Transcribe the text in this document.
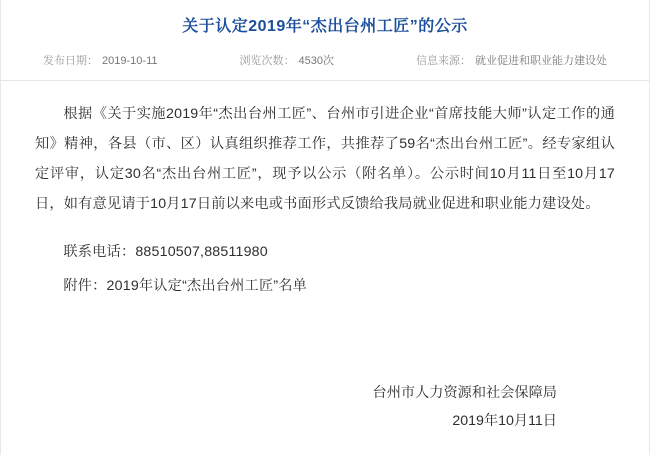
关于认定2019年“杰出台州工匠”的公示
发布日期： 2019-10-11	浏览次数： 4530次	信息来源： 就业促进和职业能力建设处

根据《关于实施2019年“杰出台州工匠”、台州市引进企业“首席技能大师”认定工作的通知》精神，各县（市、区）认真组织推荐工作，共推荐了59名“杰出台州工匠”。经专家组认定评审，认定30名“杰出台州工匠”，现予以公示（附名单）。公示时间10月11日至10月17日，如有意见请于10月17日前以来电或书面形式反馈给我局就业促进和职业能力建设处。

联系电话：88510507,88511980

附件：2019年认定“杰出台州工匠”名单

台州市人力资源和社会保障局
2019年10月11日
